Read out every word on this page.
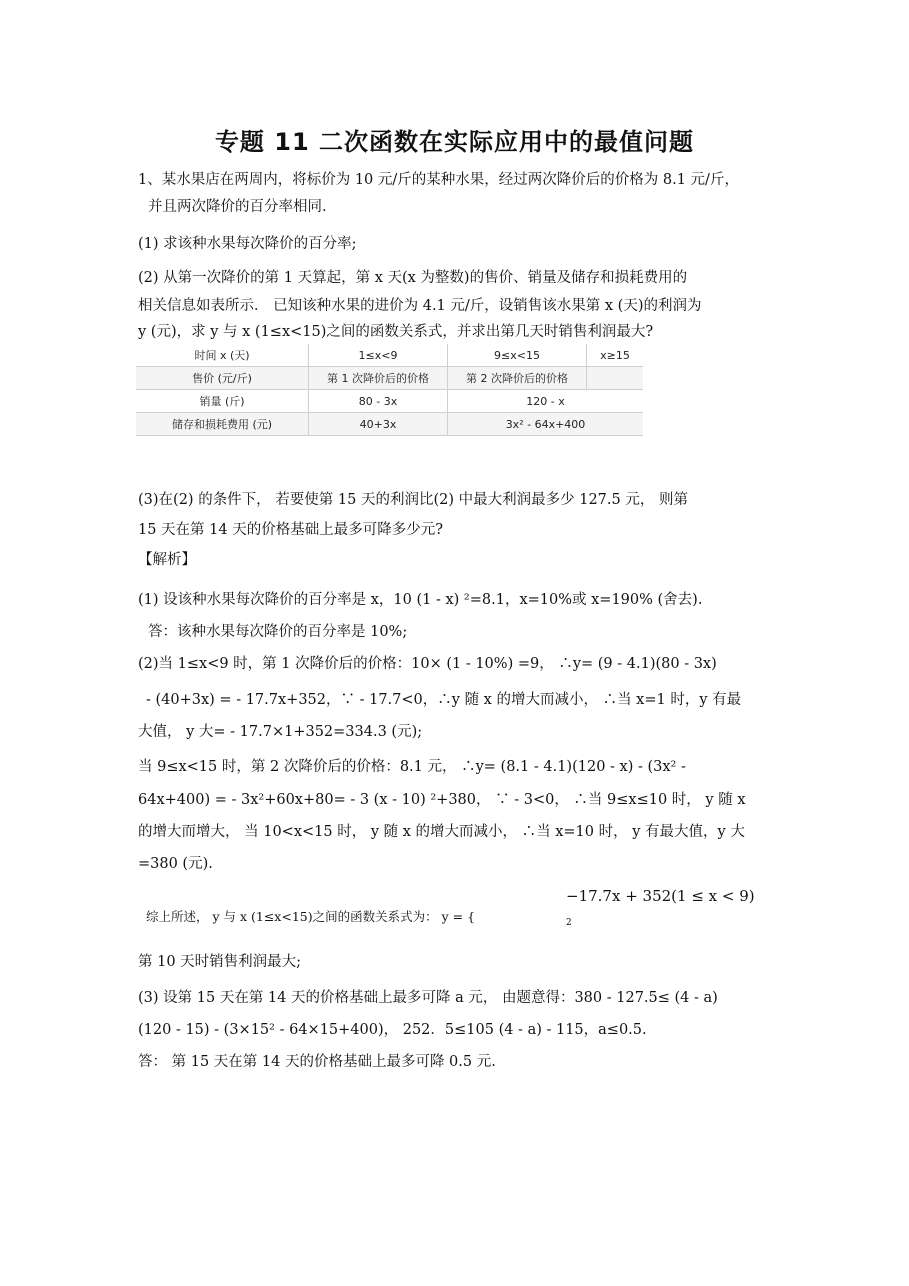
专题 11 二次函数在实际应用中的最值问题
1、某水果店在两周内，将标价为 10 元/斤的某种水果，经过两次降价后的价格为 8.1 元/斤，
并且两次降价的百分率相同.
(1) 求该种水果每次降价的百分率;
(2) 从第一次降价的第 1 天算起，第 x 天(x 为整数)的售价、销量及储存和损耗费用的
相关信息如表所示． 已知该种水果的进价为 4.1 元/斤，设销售该水果第 x (天)的利润为
y (元)，求 y 与 x (1≤x<15)之间的函数关系式，并求出第几天时销售利润最大?
时间 x (天)	1≤x<9	9≤x<15	x≥15
售价 (元/斤)	第 1 次降价后的价格	第 2 次降价后的价格	
销量 (斤)	80 - 3x	120 - x	
储存和损耗费用 (元)	40+3x	3x² - 64x+400	
(3)在(2) 的条件下， 若要使第 15 天的利润比(2) 中最大利润最多少 127.5 元， 则第
15 天在第 14 天的价格基础上最多可降多少元?
【解析】
(1) 设该种水果每次降价的百分率是 x，10 (1 - x) ²=8.1，x=10%或 x=190% (舍去).
答：该种水果每次降价的百分率是 10%;
(2)当 1≤x<9 时，第 1 次降价后的价格：10× (1 - 10%) =9， ∴y= (9 - 4.1)(80 - 3x)
- (40+3x) = - 17.7x+352，∵ - 17.7<0，∴y 随 x 的增大而减小， ∴当 x=1 时，y 有最
大值， y 大= - 17.7×1+352=334.3 (元);
当 9≤x<15 时，第 2 次降价后的价格：8.1 元， ∴y= (8.1 - 4.1)(120 - x) - (3x² -
64x+400) = - 3x²+60x+80= - 3 (x - 10) ²+380， ∵ - 3<0， ∴当 9≤x≤10 时， y 随 x
的增大而增大， 当 10<x<15 时， y 随 x 的增大而减小， ∴当 x=10 时， y 有最大值，y 大
=380 (元).
综上所述， y 与 x (1≤x<15)之间的函数关系式为： y = {
−17.7x + 352(1 ≤ x < 9)
2
第 10 天时销售利润最大;
(3) 设第 15 天在第 14 天的价格基础上最多可降 a 元， 由题意得：380 - 127.5≤ (4 - a)
(120 - 15) - (3×15² - 64×15+400)， 252．5≤105 (4 - a) - 115，a≤0.5.
答： 第 15 天在第 14 天的价格基础上最多可降 0.5 元.
